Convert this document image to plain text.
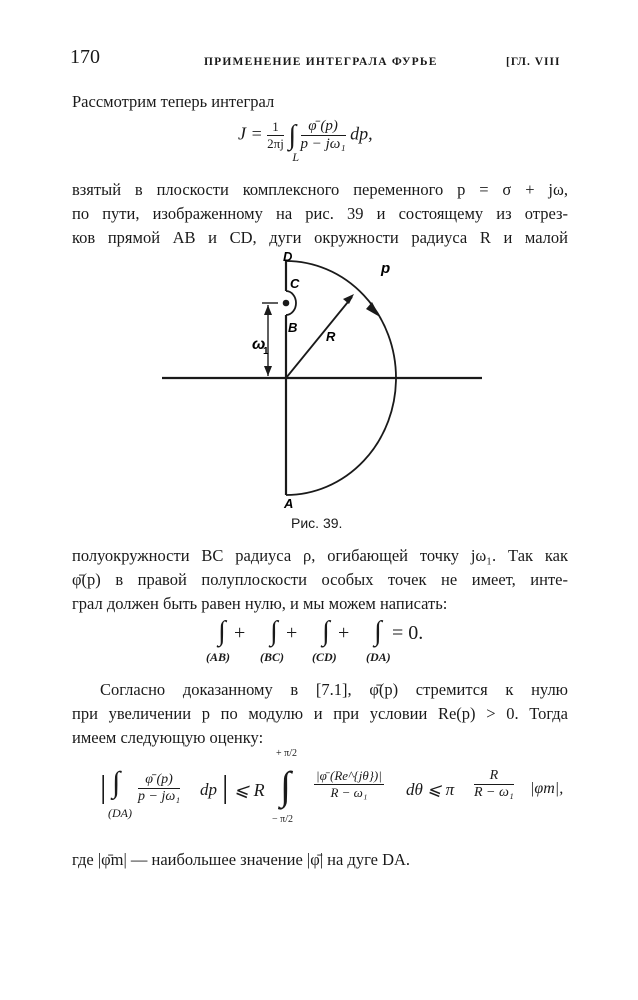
170	ПРИМЕНЕНИЕ ИНТЕГРАЛА ФУРЬЕ	[ГЛ. VIII
Рассмотрим теперь интеграл
$J = \frac{1}{2\pi j}$ ∫
L

$\frac{\varphī (p)}{\text{p − jω₁}}$ dp,
взятый в плоскости комплексного переменного p = σ + jω,
по пути, изображенному на рис. 39 и состоящему из отрез-
ков прямой AB и CD, дуги окружности радиуса R и малой
D
C
B
A
R
p
ω
1
Рис. 39.
полуокружности BC радиуса ρ, огибающей точку jω₁. Так как
φ̄(p) в правой полуплоскости особых точек не имеет, инте-
грал должен быть равен нулю, и мы можем написать:
∫ + ∫ + ∫ + ∫ = 0.
(AB)	(BC) (CD) (DA)
Согласно доказанному в [7.1], φ̄(p) стремится к нулю
при увеличении p по модулю и при условии Re(p) > 0. Тогда
имеем следующую оценку:
| ∫
(DA)
$\frac{\varphī (p)}{\text{p − jω₁}}$ dp | ⩽ R
+ π/2
∫
− π/2
$\frac{|\varphī (Re\^{}\{j\theta\})|}{\text{R − ω₁}}$ dθ ⩽ π $\frac{R}{\text{R − ω₁}} |\varphi m|$,
где |φ̄m| — наибольшее значение |φ̄| на дуге DA.
